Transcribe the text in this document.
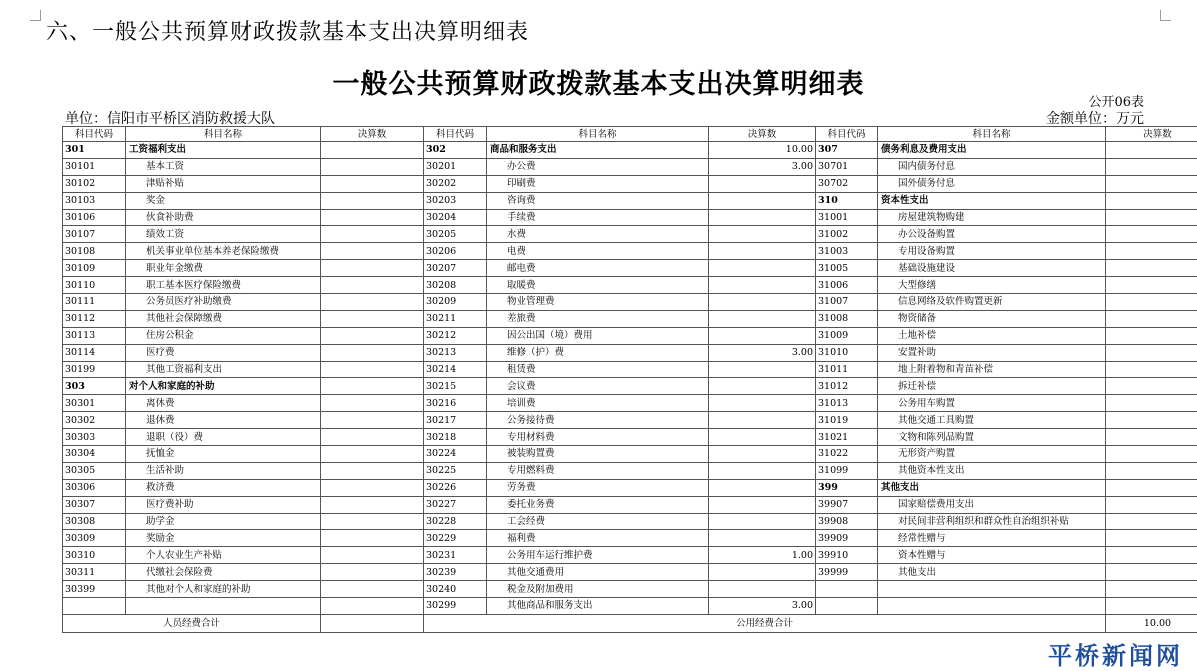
六、一般公共预算财政拨款基本支出决算明细表
一般公共预算财政拨款基本支出决算明细表
公开06表
单位：信阳市平桥区消防救援大队	金额单位：万元
科目代码	科目名称	决算数	科目代码	科目名称	决算数	科目代码	科目名称	决算数
301	工资福利支出		302	商品和服务支出	10.00	307	债务利息及费用支出	
30101	基本工资		30201	办公费	3.00	30701	国内债务付息	
30102	津贴补贴		30202	印刷费		30702	国外债务付息	
30103	奖金		30203	咨询费		310	资本性支出	
30106	伙食补助费		30204	手续费		31001	房屋建筑物购建	
30107	绩效工资		30205	水费		31002	办公设备购置	
30108	机关事业单位基本养老保险缴费		30206	电费		31003	专用设备购置	
30109	职业年金缴费		30207	邮电费		31005	基础设施建设	
30110	职工基本医疗保险缴费		30208	取暖费		31006	大型修缮	
30111	公务员医疗补助缴费		30209	物业管理费		31007	信息网络及软件购置更新	
30112	其他社会保障缴费		30211	差旅费		31008	物资储备	
30113	住房公积金		30212	因公出国（境）费用		31009	土地补偿	
30114	医疗费		30213	维修（护）费	3.00	31010	安置补助	
30199	其他工资福利支出		30214	租赁费		31011	地上附着物和青苗补偿	
303	对个人和家庭的补助		30215	会议费		31012	拆迁补偿	
30301	离休费		30216	培训费		31013	公务用车购置	
30302	退休费		30217	公务接待费		31019	其他交通工具购置	
30303	退职（役）费		30218	专用材料费		31021	文物和陈列品购置	
30304	抚恤金		30224	被装购置费		31022	无形资产购置	
30305	生活补助		30225	专用燃料费		31099	其他资本性支出	
30306	救济费		30226	劳务费		399	其他支出	
30307	医疗费补助		30227	委托业务费		39907	国家赔偿费用支出	
30308	助学金		30228	工会经费		39908	对民间非营利组织和群众性自治组织补贴	
30309	奖励金		30229	福利费		39909	经常性赠与	
30310	个人农业生产补贴		30231	公务用车运行维护费	1.00	39910	资本性赠与	
30311	代缴社会保险费		30239	其他交通费用		39999	其他支出	
30399	其他对个人和家庭的补助		30240	税金及附加费用				
			30299	其他商品和服务支出	3.00			
人员经费合计			公用经费合计					10.00
平桥新闻网
